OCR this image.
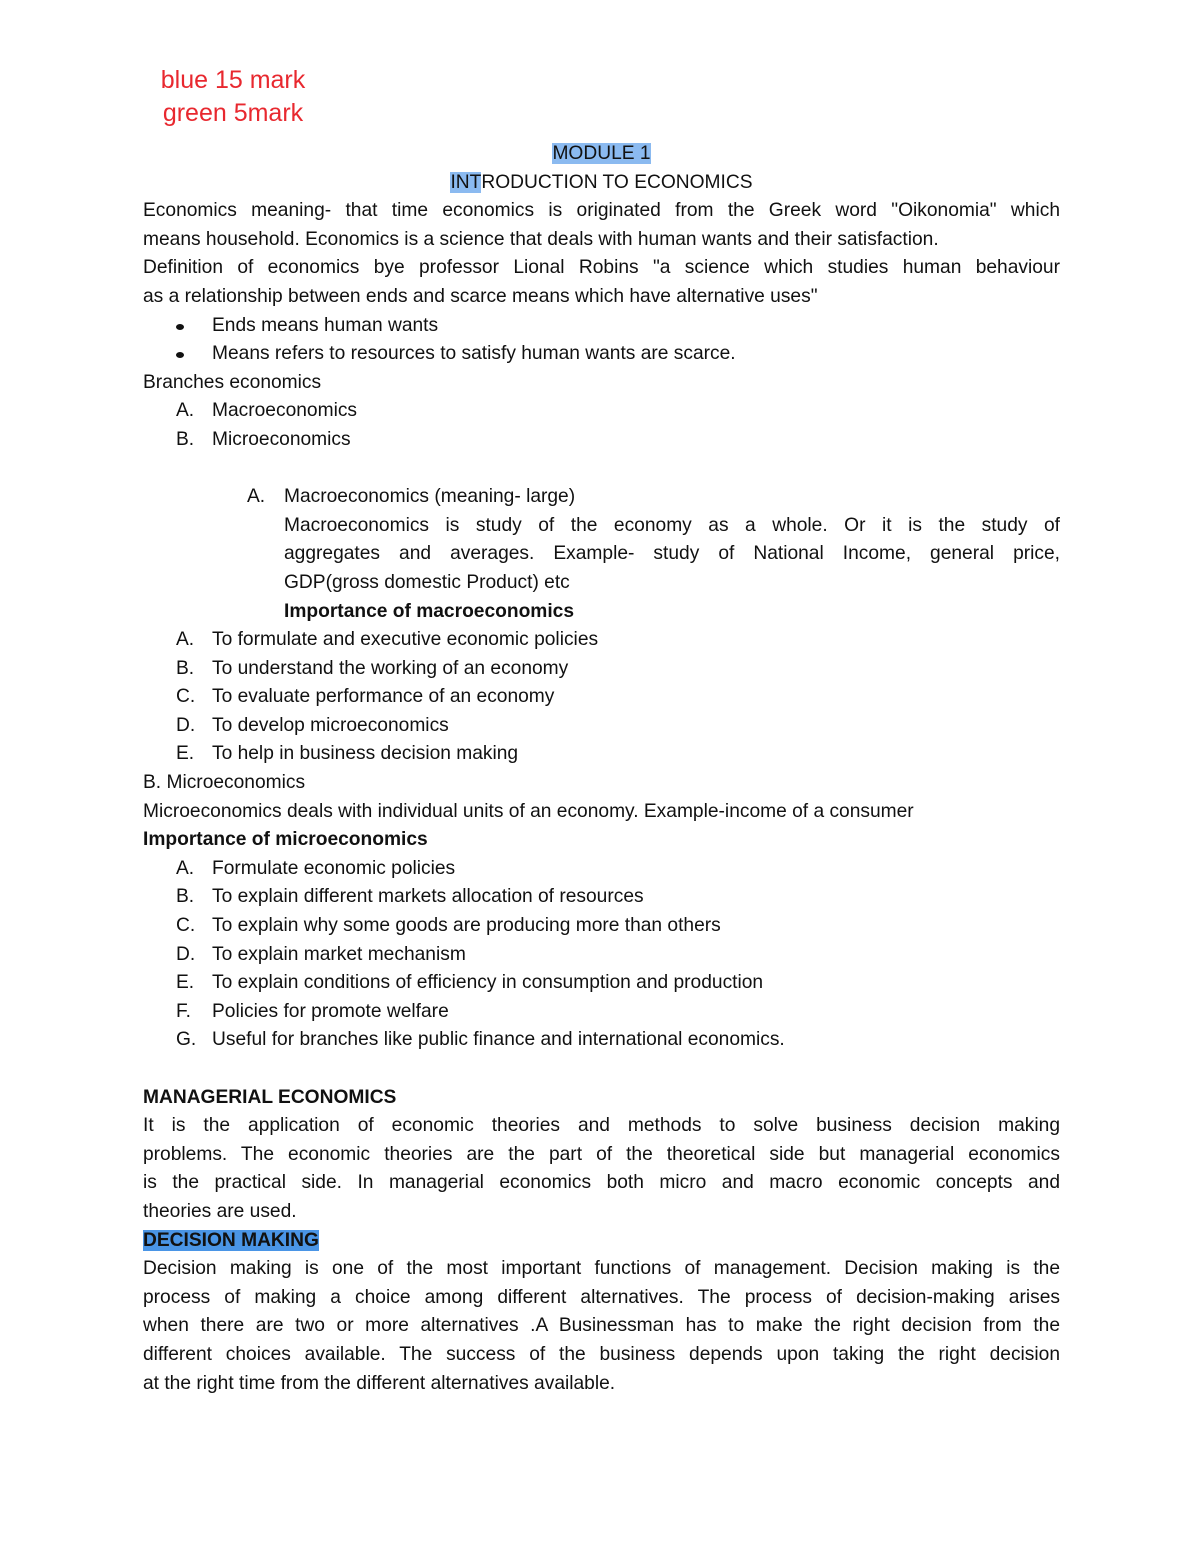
blue 15 mark
green 5mark
MODULE 1
INTRODUCTION TO ECONOMICS
Economics meaning- that time economics is originated from the Greek word "Oikonomia" which
means household. Economics is a science that deals with human wants and their satisfaction.
Definition of economics bye professor Lional Robins "a science which studies human behaviour
as a relationship between ends and scarce means which have alternative uses"
Ends means human wants
Means refers to resources to satisfy human wants are scarce.
Branches economics
A. Macroeconomics
B. Microeconomics
A. Macroeconomics (meaning- large)
Macroeconomics is study of the economy as a whole. Or it is the study of
aggregates and averages. Example- study of National Income, general price,
GDP(gross domestic Product) etc
Importance of macroeconomics
A. To formulate and executive economic policies
B. To understand the working of an economy
C. To evaluate performance of an economy
D. To develop microeconomics
E. To help in business decision making
B. Microeconomics
Microeconomics deals with individual units of an economy. Example-income of a consumer
Importance of microeconomics
A. Formulate economic policies
B. To explain different markets allocation of resources
C. To explain why some goods are producing more than others
D. To explain market mechanism
E. To explain conditions of efficiency in consumption and production
F. Policies for promote welfare
G. Useful for branches like public finance and international economics.
MANAGERIAL ECONOMICS
It is the application of economic theories and methods to solve business decision making
problems. The economic theories are the part of the theoretical side but managerial economics
is the practical side. In managerial economics both micro and macro economic concepts and
theories are used.
DECISION MAKING
Decision making is one of the most important functions of management. Decision making is the
process of making a choice among different alternatives. The process of decision-making arises
when there are two or more alternatives .A Businessman has to make the right decision from the
different choices available. The success of the business depends upon taking the right decision
at the right time from the different alternatives available.
